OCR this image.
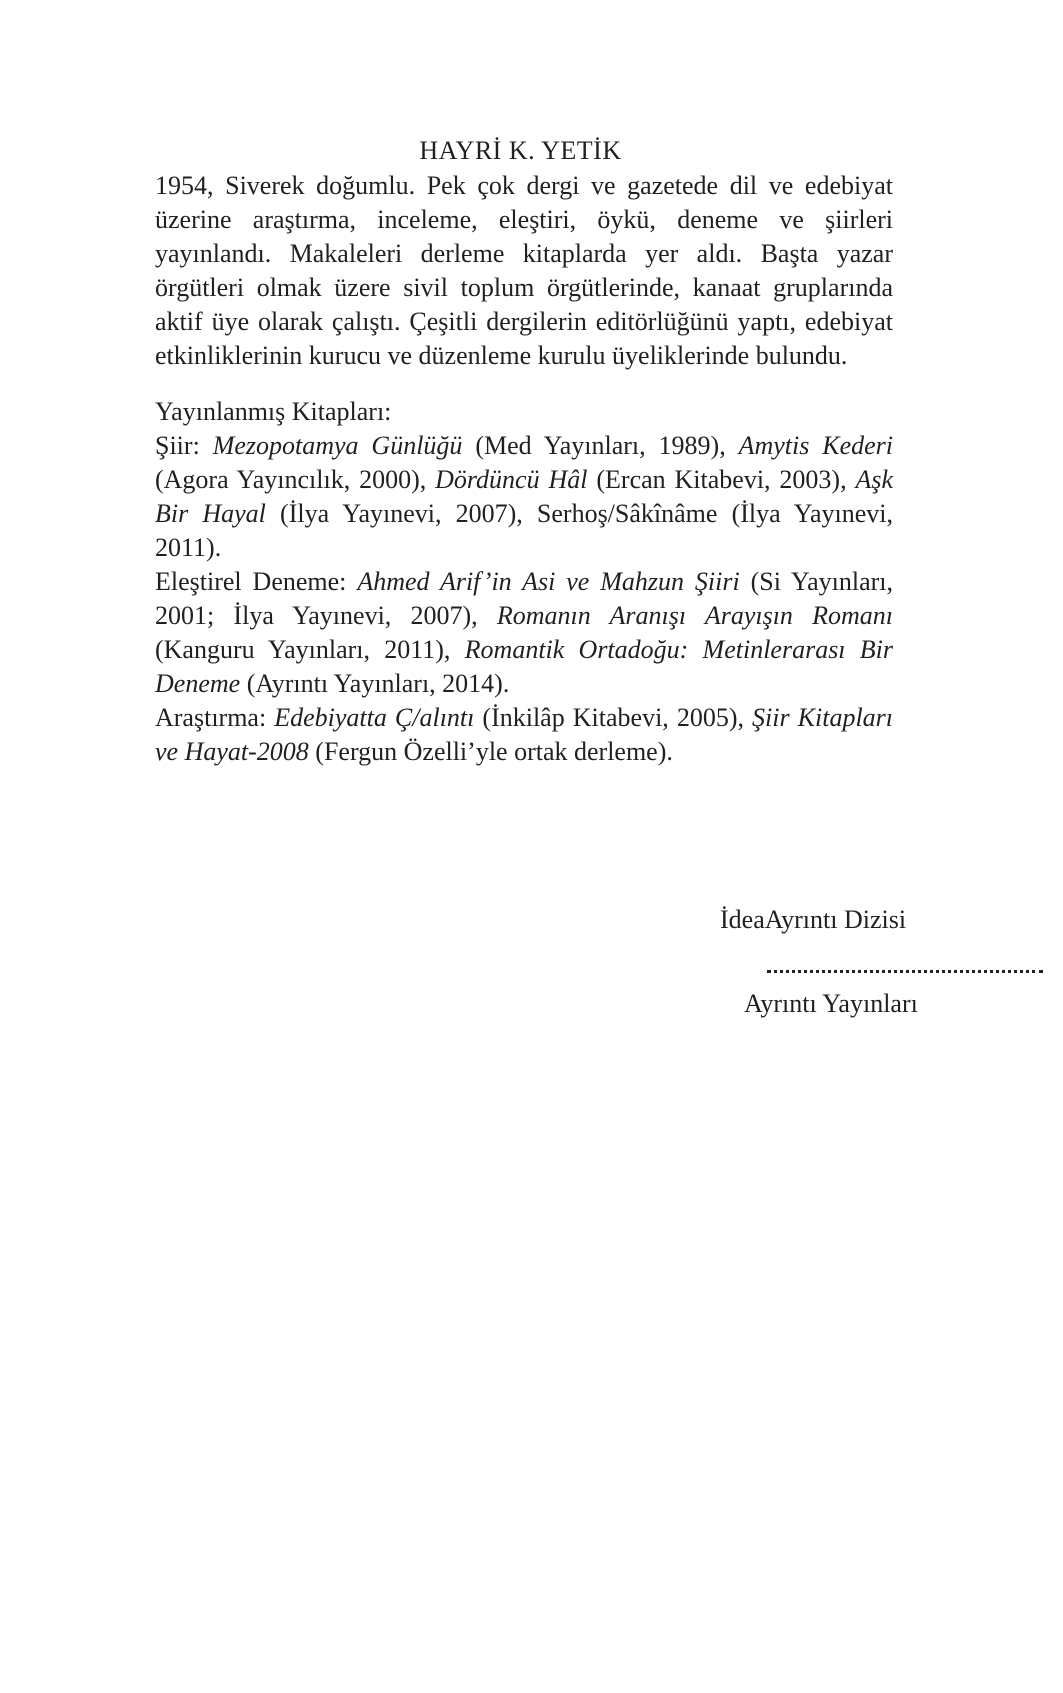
HAYRİ K. YETİK

1954, Siverek doğumlu. Pek çok dergi ve gazetede dil ve edebiyat üzerine araştırma, inceleme, eleştiri, öykü, deneme ve şiirleri yayınlandı. Makaleleri derleme kitaplarda yer aldı. Başta yazar örgütleri olmak üzere sivil toplum örgütlerinde, kanaat gruplarında aktif üye olarak çalıştı. Çeşitli dergilerin editörlüğünü yaptı, edebiyat etkinliklerinin kurucu ve düzenleme kurulu üyeliklerinde bulundu.

Yayınlanmış Kitapları:

Şiir: Mezopotamya Günlüğü (Med Yayınları, 1989), Amytis Kederi (Agora Yayıncılık, 2000), Dördüncü Hâl (Ercan Kitabevi, 2003), Aşk Bir Hayal (İlya Yayınevi, 2007), Serhoş/Sâkînâme (İlya Yayınevi, 2011).

Eleştirel Deneme: Ahmed Arif’in Asi ve Mahzun Şiiri (Si Yayınları, 2001; İlya Yayınevi, 2007), Romanın Aranışı Arayışın Romanı (Kanguru Yayınları, 2011), Romantik Ortadoğu: Metinlerarası Bir Deneme (Ayrıntı Yayınları, 2014).

Araştırma: Edebiyatta Ç/alıntı (İnkilâp Kitabevi, 2005), Şiir Kitapları ve Hayat-2008 (Fergun Özelli’yle ortak derleme).

İdeaAyrıntı Dizisi
Ayrıntı Yayınları
